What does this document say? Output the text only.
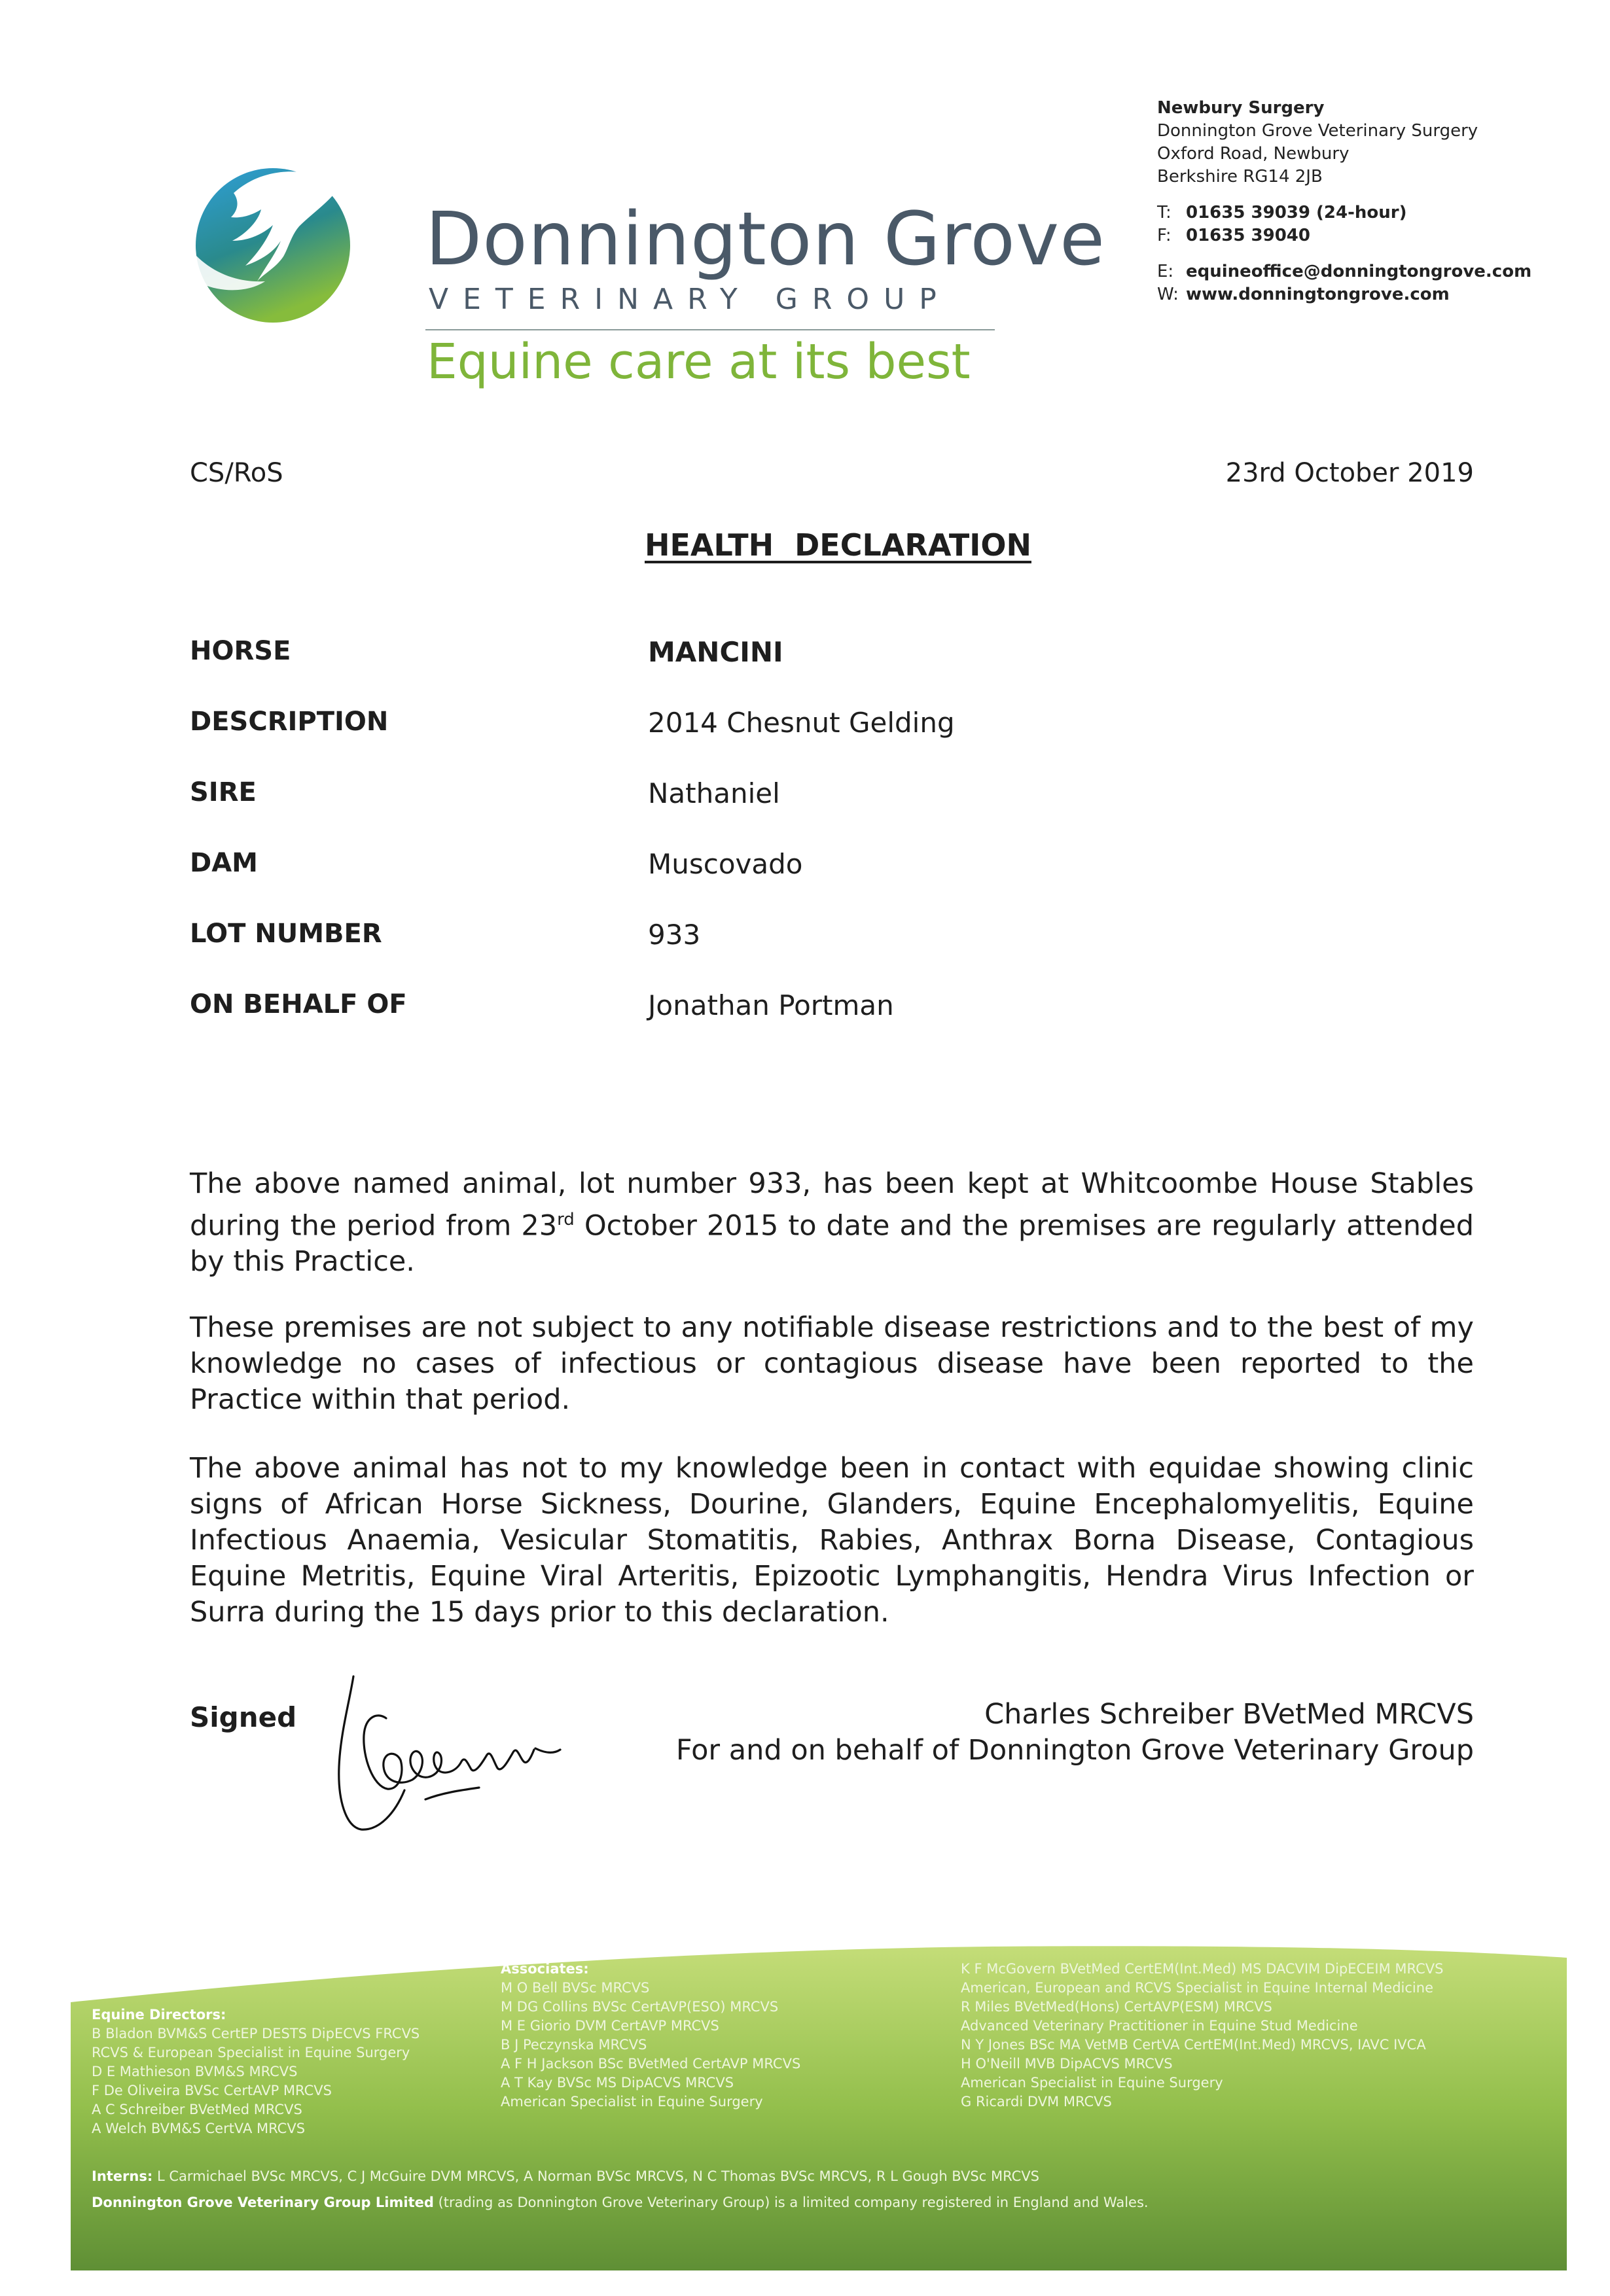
Donnington Grove
VETERINARY GROUP
Equine care at its best
Newbury Surgery
Donnington Grove Veterinary Surgery
Oxford Road, Newbury
Berkshire RG14 2JB
T: 01635 39039 (24-hour)
F: 01635 39040
E: equineoffice@donningtongrove.com
W: www.donningtongrove.com
CS/RoS	23rd October 2019
HEALTH  DECLARATION
HORSE	MANCINI
DESCRIPTION	2014 Chesnut Gelding
SIRE	Nathaniel
DAM	Muscovado
LOT NUMBER	933
ON BEHALF OF	Jonathan Portman
The above named animal, lot number 933, has been kept at Whitcoombe House Stables during the period from 23rd October 2015 to date and the premises are regularly attended by this Practice.
These premises are not subject to any notifiable disease restrictions and to the best of my knowledge no cases of infectious or contagious disease have been reported to the Practice within that period.
The above animal has not to my knowledge been in contact with equidae showing clinic signs of African Horse Sickness, Dourine, Glanders, Equine Encephalomyelitis, Equine Infectious Anaemia, Vesicular Stomatitis, Rabies, Anthrax Borna Disease, Contagious Equine Metritis, Equine Viral Arteritis, Epizootic Lymphangitis, Hendra Virus Infection or Surra during the 15 days prior to this declaration.
Signed	Charles Schreiber BVetMed MRCVS
For and on behalf of Donnington Grove Veterinary Group
Equine Directors:
B Bladon BVM&S CertEP DESTS DipECVS FRCVS
RCVS & European Specialist in Equine Surgery
D E Mathieson BVM&S MRCVS
F De Oliveira BVSc CertAVP MRCVS
A C Schreiber BVetMed MRCVS
A Welch BVM&S CertVA MRCVS
Associates:
M O Bell BVSc MRCVS
M DG Collins BVSc CertAVP(ESO) MRCVS
M E Giorio DVM CertAVP MRCVS
B J Peczynska MRCVS
A F H Jackson BSc BVetMed CertAVP MRCVS
A T Kay BVSc MS DipACVS MRCVS
American Specialist in Equine Surgery
K F McGovern BVetMed CertEM(Int.Med) MS DACVIM DipECEIM MRCVS
American, European and RCVS Specialist in Equine Internal Medicine
R Miles BVetMed(Hons) CertAVP(ESM) MRCVS
Advanced Veterinary Practitioner in Equine Stud Medicine
N Y Jones BSc MA VetMB CertVA CertEM(Int.Med) MRCVS, IAVC IVCA
H O'Neill MVB DipACVS MRCVS
American Specialist in Equine Surgery
G Ricardi DVM MRCVS
Interns: L Carmichael BVSc MRCVS, C J McGuire DVM MRCVS, A Norman BVSc MRCVS, N C Thomas BVSc MRCVS, R L Gough BVSc MRCVS
Donnington Grove Veterinary Group Limited (trading as Donnington Grove Veterinary Group) is a limited company registered in England and Wales.
